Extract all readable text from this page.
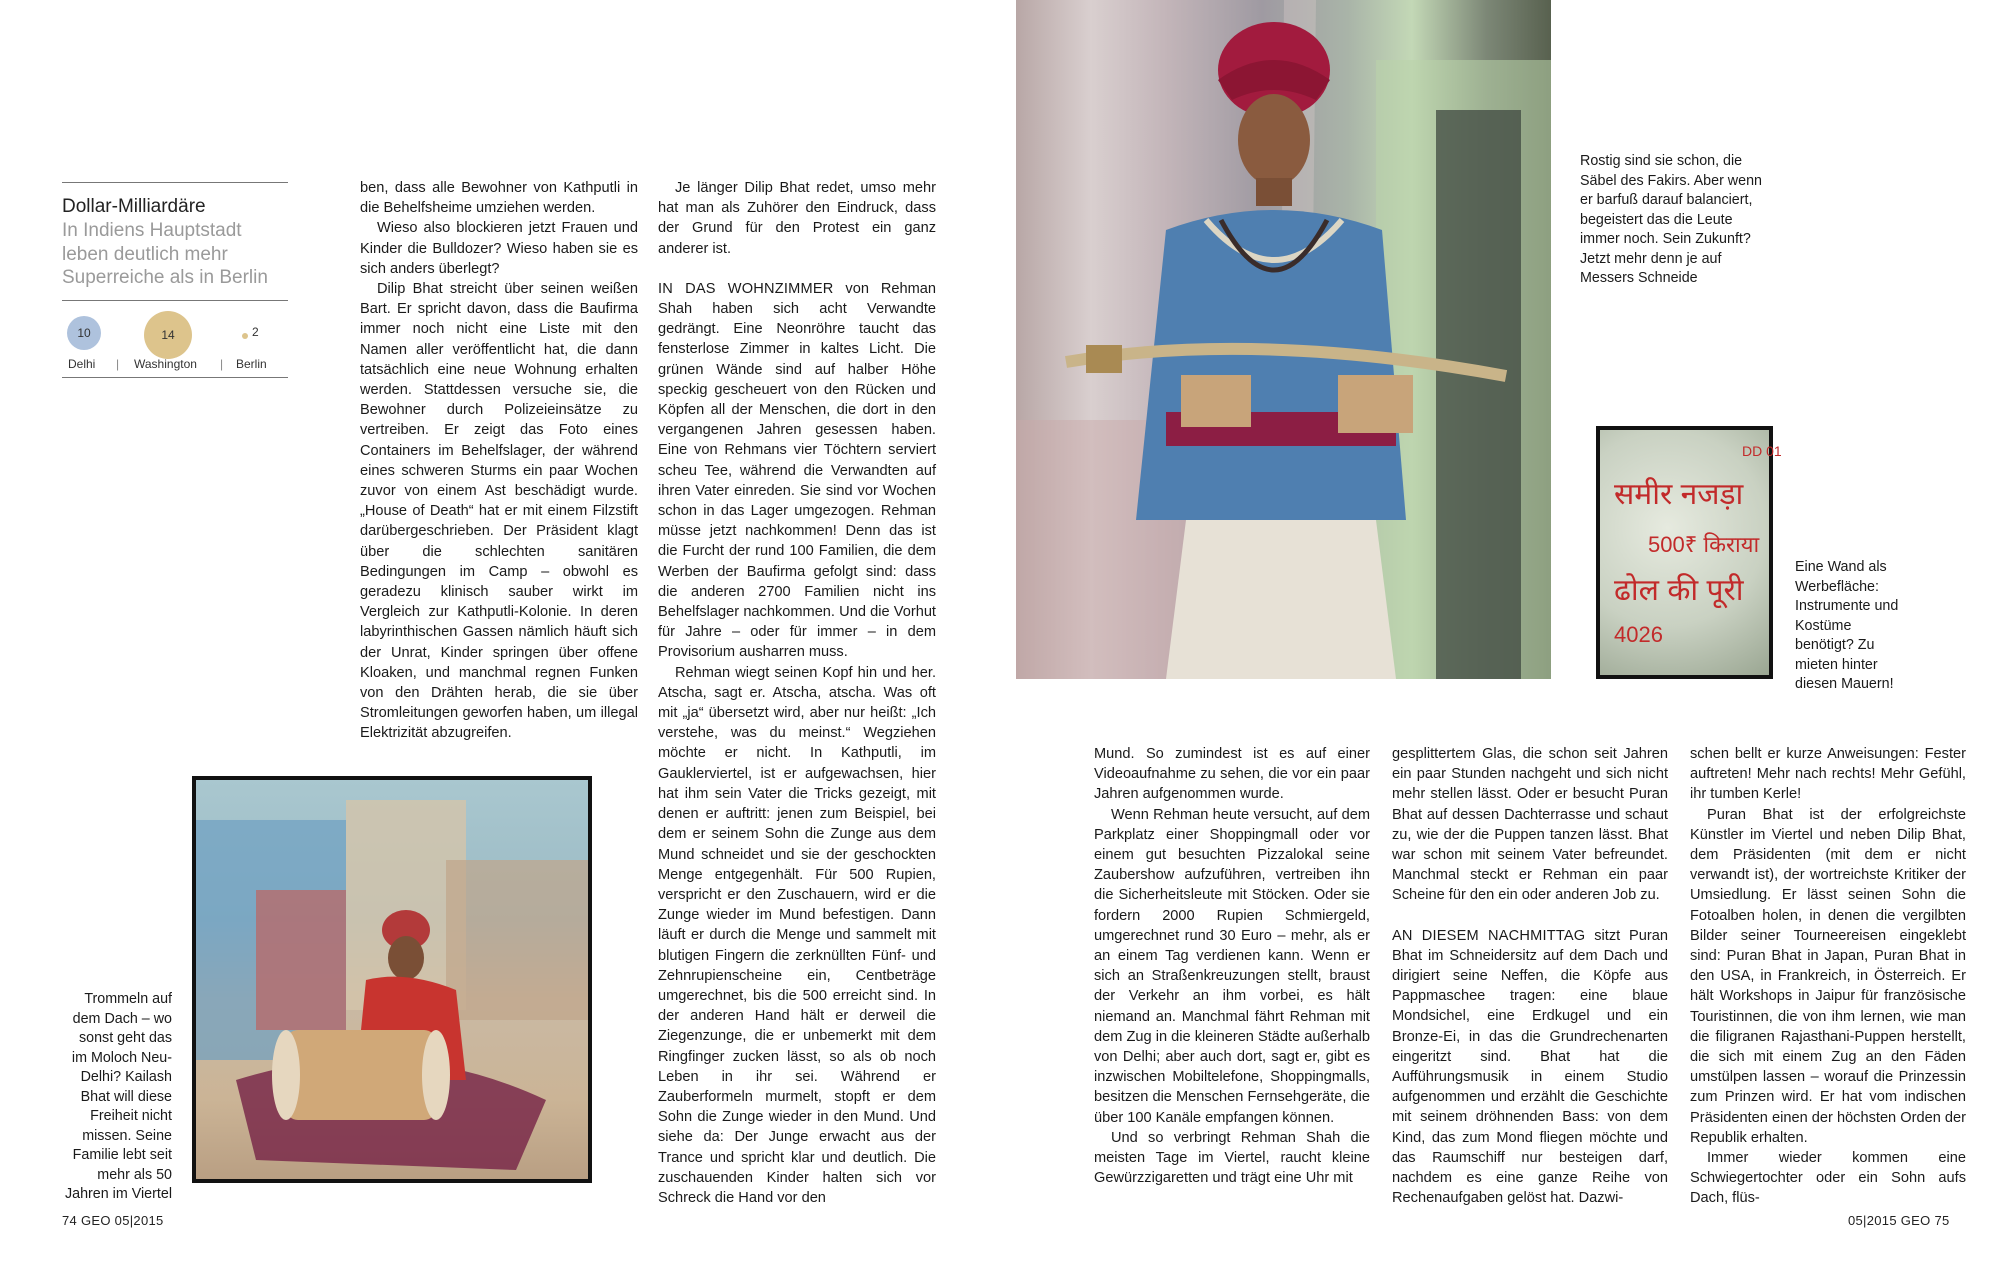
Dollar-Milliardäre
In Indiens Hauptstadt leben deutlich mehr Superreiche als in Berlin
10	14	2
Delhi | Washington | Berlin

ben, dass alle Bewohner von Kathputli in die Behelfsheime umziehen werden.

Wieso also blockieren jetzt Frauen und Kinder die Bulldozer? Wieso haben sie es sich anders überlegt?

Dilip Bhat streicht über seinen weißen Bart. Er spricht davon, dass die Baufirma immer noch nicht eine Liste mit den Namen aller veröffentlicht hat, die dann tatsächlich eine neue Wohnung erhalten werden. Stattdessen versuche sie, die Bewohner durch Polizeieinsätze zu vertreiben. Er zeigt das Foto eines Containers im Behelfslager, der während eines schweren Sturms ein paar Wochen zuvor von einem Ast beschädigt wurde. „House of Death“ hat er mit einem Filzstift darübergeschrieben. Der Präsident klagt über die schlechten sanitären Bedingungen im Camp – obwohl es geradezu klinisch sauber wirkt im Vergleich zur Kathputli-Kolonie. In deren labyrinthischen Gassen nämlich häuft sich der Unrat, Kinder springen über offene Kloaken, und manchmal regnen Funken von den Drähten herab, die sie über Stromleitungen geworfen haben, um illegal Elektrizität abzugreifen.

Je länger Dilip Bhat redet, umso mehr hat man als Zuhörer den Eindruck, dass der Grund für den Protest ein ganz anderer ist.

IN DAS WOHNZIMMER von Rehman Shah haben sich acht Verwandte gedrängt. Eine Neonröhre taucht das fensterlose Zimmer in kaltes Licht. Die grünen Wände sind auf halber Höhe speckig gescheuert von den Rücken und Köpfen all der Menschen, die dort in den vergangenen Jahren gesessen haben. Eine von Rehmans vier Töchtern serviert scheu Tee, während die Verwandten auf ihren Vater einreden. Sie sind vor Wochen schon in das Lager umgezogen. Rehman müsse jetzt nachkommen! Denn das ist die Furcht der rund 100 Familien, die dem Werben der Baufirma gefolgt sind: dass die anderen 2700 Familien nicht ins Behelfslager nachkommen. Und die Vorhut für Jahre – oder für immer – in dem Provisorium ausharren muss.

Rehman wiegt seinen Kopf hin und her. Atscha, sagt er. Atscha, atscha. Was oft mit „ja“ übersetzt wird, aber nur heißt: „Ich verstehe, was du meinst.“ Wegziehen möchte er nicht. In Kathputli, im Gauklerviertel, ist er aufgewachsen, hier hat ihm sein Vater die Tricks gezeigt, mit denen er auftritt: jenen zum Beispiel, bei dem er seinem Sohn die Zunge aus dem Mund schneidet und sie der geschockten Menge entgegenhält. Für 500 Rupien, verspricht er den Zuschauern, wird er die Zunge wieder im Mund befestigen. Dann läuft er durch die Menge und sammelt mit blutigen Fingern die zerknüllten Fünf- und Zehnrupienscheine ein, Centbeträge umgerechnet, bis die 500 erreicht sind. In der anderen Hand hält er derweil die Ziegenzunge, die er unbemerkt mit dem Ringfinger zucken lässt, so als ob noch Leben in ihr sei. Während er Zauberformeln murmelt, stopft er dem Sohn die Zunge wieder in den Mund. Und siehe da: Der Junge erwacht aus der Trance und spricht klar und deutlich. Die zuschauenden Kinder halten sich vor Schreck die Hand vor den

Rostig sind sie schon, die Säbel des Fakirs. Aber wenn er barfuß darauf balanciert, begeistert das die Leute immer noch. Sein Zukunft? Jetzt mehr denn je auf Messers Schneide
DD 01
समीर नजड़ा
500₹ किराया
ढोल की पूरी
4026
Eine Wand als Werbefläche: Instrumente und Kostüme benötigt? Zu mieten hinter diesen Mauern!
Trommeln auf dem Dach – wo sonst geht das im Moloch Neu-Delhi? Kailash Bhat will diese Freiheit nicht missen. Seine Familie lebt seit mehr als 50 Jahren im Viertel

Mund. So zumindest ist es auf einer Videoaufnahme zu sehen, die vor ein paar Jahren aufgenommen wurde.

Wenn Rehman heute versucht, auf dem Parkplatz einer Shoppingmall oder vor einem gut besuchten Pizzalokal seine Zaubershow aufzuführen, vertreiben ihn die Sicherheitsleute mit Stöcken. Oder sie fordern 2000 Rupien Schmiergeld, umgerechnet rund 30 Euro – mehr, als er an einem Tag verdienen kann. Wenn er sich an Straßenkreuzungen stellt, braust der Verkehr an ihm vorbei, es hält niemand an. Manchmal fährt Rehman mit dem Zug in die kleineren Städte außerhalb von Delhi; aber auch dort, sagt er, gibt es inzwischen Mobiltelefone, Shoppingmalls, besitzen die Menschen Fernsehgeräte, die über 100 Kanäle empfangen können.

Und so verbringt Rehman Shah die meisten Tage im Viertel, raucht kleine Gewürzzigaretten und trägt eine Uhr mit

gesplittertem Glas, die schon seit Jahren ein paar Stunden nachgeht und sich nicht mehr stellen lässt. Oder er besucht Puran Bhat auf dessen Dachterrasse und schaut zu, wie der die Puppen tanzen lässt. Bhat war schon mit seinem Vater befreundet. Manchmal steckt er Rehman ein paar Scheine für den ein oder anderen Job zu.

AN DIESEM NACHMITTAG sitzt Puran Bhat im Schneidersitz auf dem Dach und dirigiert seine Neffen, die Köpfe aus Pappmaschee tragen: eine blaue Mondsichel, eine Erdkugel und ein Bronze-Ei, in das die Grundrechenarten eingeritzt sind. Bhat hat die Aufführungsmusik in einem Studio aufgenommen und erzählt die Geschichte mit seinem dröhnenden Bass: von dem Kind, das zum Mond fliegen möchte und das Raumschiff nur besteigen darf, nachdem es eine ganze Reihe von Rechenaufgaben gelöst hat. Dazwi-

schen bellt er kurze Anweisungen: Fester auftreten! Mehr nach rechts! Mehr Gefühl, ihr tumben Kerle!

Puran Bhat ist der erfolgreichste Künstler im Viertel und neben Dilip Bhat, dem Präsidenten (mit dem er nicht verwandt ist), der wortreichste Kritiker der Umsiedlung. Er lässt seinen Sohn die Fotoalben holen, in denen die vergilbten Bilder seiner Tourneereisen eingeklebt sind: Puran Bhat in Japan, Puran Bhat in den USA, in Frankreich, in Österreich. Er hält Workshops in Jaipur für französische Touristinnen, die von ihm lernen, wie man die filigranen Rajasthani-Puppen herstellt, die sich mit einem Zug an den Fäden umstülpen lassen – worauf die Prinzessin zum Prinzen wird. Er hat vom indischen Präsidenten einen der höchsten Orden der Republik erhalten.

Immer wieder kommen eine Schwiegertochter oder ein Sohn aufs Dach, flüs-

74 GEO 05|2015	05|2015 GEO 75
